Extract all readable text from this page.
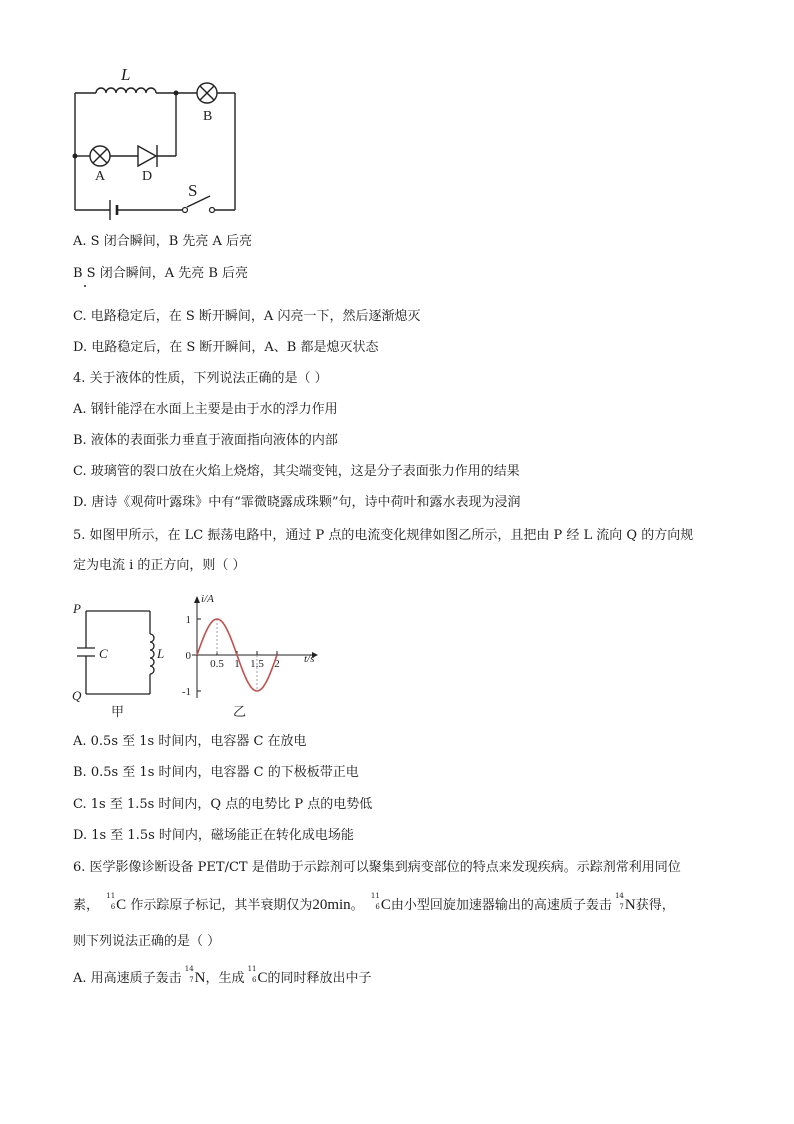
L
B
A	D
S
A. S 闭合瞬间，B 先亮 A 后亮
B S 闭合瞬间，A 先亮 B 后亮
C. 电路稳定后，在 S 断开瞬间，A 闪亮一下，然后逐渐熄灭
D. 电路稳定后，在 S 断开瞬间，A、B 都是熄灭状态
4. 关于液体的性质，下列说法正确的是（ ）
A. 钢针能浮在水面上主要是由于水的浮力作用
B. 液体的表面张力垂直于液面指向液体的内部
C. 玻璃管的裂口放在火焰上烧熔，其尖端变钝，这是分子表面张力作用的结果
D. 唐诗《观荷叶露珠》中有“霏微晓露成珠颗”句，诗中荷叶和露水表现为浸润
5. 如图甲所示，在 LC 振荡电路中，通过 P 点的电流变化规律如图乙所示，且把由 P 经 L 流向 Q 的方向规
定为电流 i 的正方向，则（ ）
P
Q
C	L
甲
i/A
t/s
乙
0.5 1 1.5 2
1
0
-1
A. 0.5s 至 1s 时间内，电容器 C 在放电
B. 0.5s 至 1s 时间内，电容器 C 的下极板带正电
C. 1s 至 1.5s 时间内，Q 点的电势比 P 点的电势低
D. 1s 至 1.5s 时间内，磁场能正在转化成电场能
6. 医学影像诊断设备 PET/CT 是借助于示踪剂可以聚集到病变部位的特点来发现疾病。示踪剂常利用同位
素，
11
6 C 作示踪原子标记，其半衰期仅为20min。
11
6 C由小型回旋加速器输出的高速质子轰击
14
7 N获得，
则下列说法正确的是（ ）
A. 用高速质子轰击
14
7 N，生成
11
6 C的同时释放出中子
